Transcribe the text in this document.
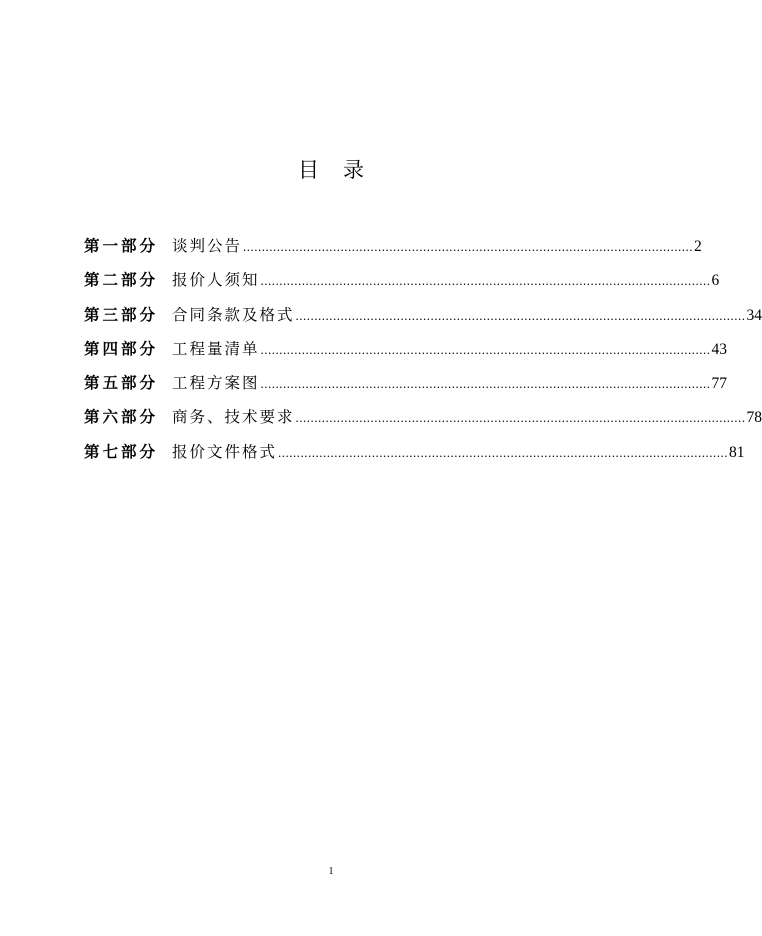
目 录
第一部分 谈判公告 ........................................................................................................................ 2
第二部分 报价人须知 ........................................................................................................................ 6
第三部分 合同条款及格式 ........................................................................................................................ 34
第四部分 工程量清单 ........................................................................................................................ 43
第五部分 工程方案图 ........................................................................................................................ 77
第六部分 商务、技术要求 ........................................................................................................................ 78
第七部分 报价文件格式 ........................................................................................................................ 81
1
